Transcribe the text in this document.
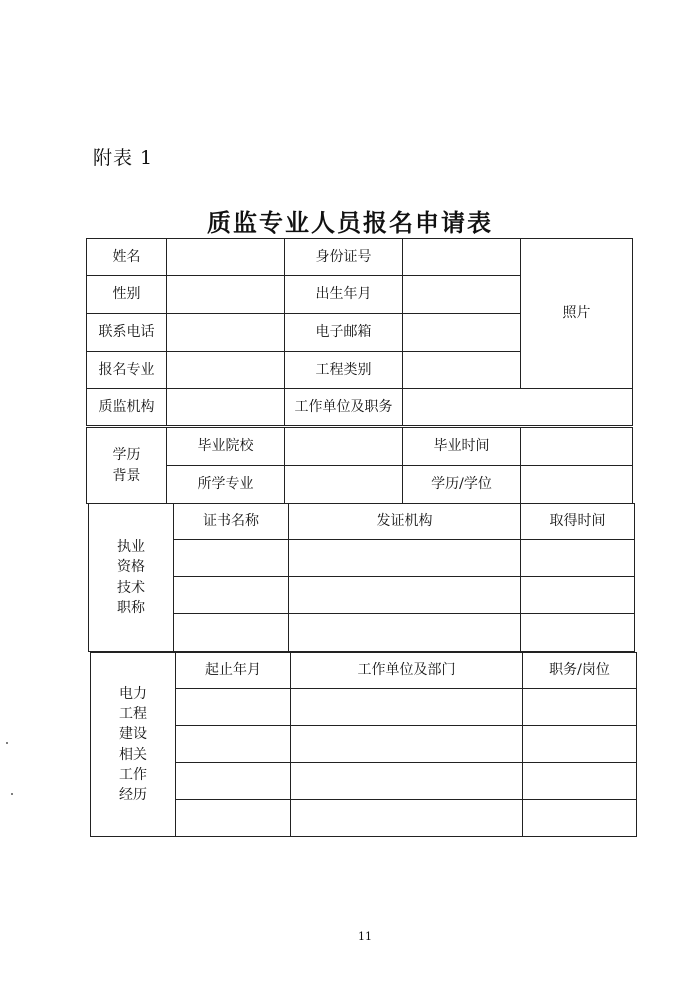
附表 1
质监专业人员报名申请表
姓名		身份证号		照片
性别		出生年月		
联系电话		电子邮箱		
报名专业		工程类别		
质监机构		工作单位及职务		
学历背景	毕业院校		毕业时间	
	所学专业		学历/学位	
执业资格技术职称	证书名称	发证机构	取得时间

电力工程建设相关工作经历	起止年月	工作单位及部门	职务/岗位

11
